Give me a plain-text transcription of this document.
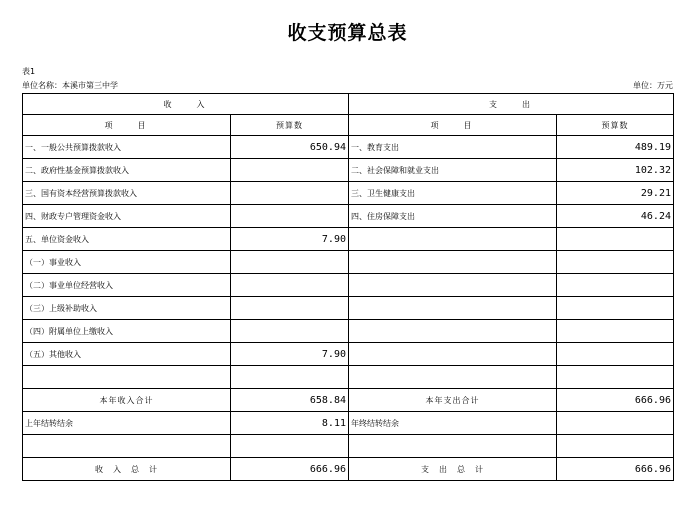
收支预算总表
表1
单位名称：本溪市第三中学	单位：万元
收　　入		支　　出	
项　　目	预算数	项　　目	预算数
一、一般公共预算拨款收入	650.94	一、教育支出	489.19
二、政府性基金预算拨款收入		二、社会保障和就业支出	102.32
三、国有资本经营预算拨款收入		三、卫生健康支出	29.21
四、财政专户管理资金收入		四、住房保障支出	46.24
五、单位资金收入	7.90		
（一）事业收入			
（二）事业单位经营收入			
（三）上级补助收入			
（四）附属单位上缴收入			
（五）其他收入	7.90		

本年收入合计	658.84	本年支出合计	666.96
上年结转结余	8.11	年终结转结余	

收　入　总　计	666.96	支　出　总　计	666.96
